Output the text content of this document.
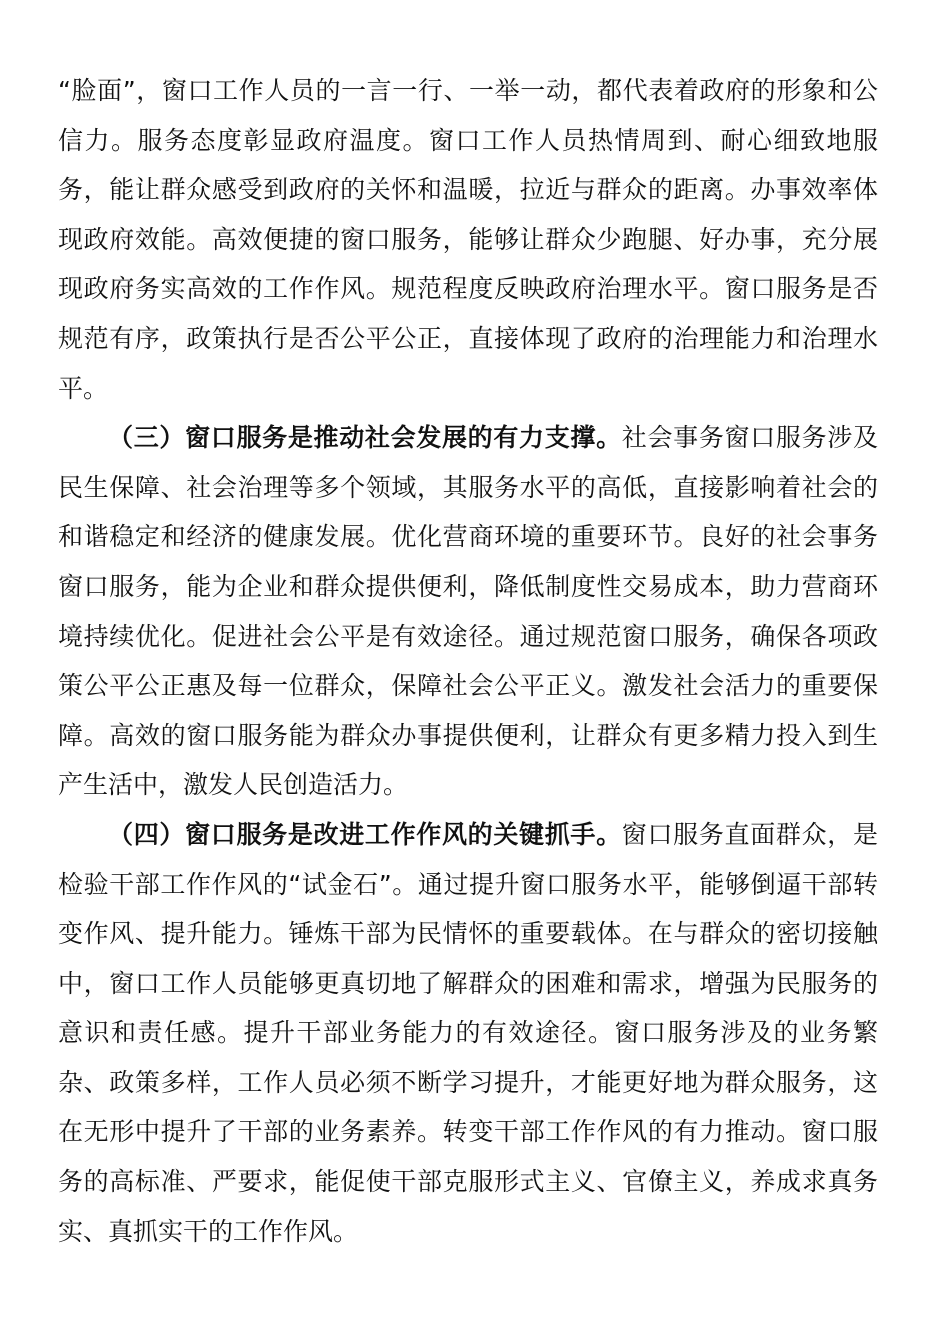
“脸面”，窗口工作人员的一言一行、一举一动，都代表着政府的形象和公信力。服务态度彰显政府温度。窗口工作人员热情周到、耐心细致地服务，能让群众感受到政府的关怀和温暖，拉近与群众的距离。办事效率体现政府效能。高效便捷的窗口服务，能够让群众少跑腿、好办事，充分展现政府务实高效的工作作风。规范程度反映政府治理水平。窗口服务是否规范有序，政策执行是否公平公正，直接体现了政府的治理能力和治理水平。

（三）窗口服务是推动社会发展的有力支撑。社会事务窗口服务涉及民生保障、社会治理等多个领域，其服务水平的高低，直接影响着社会的和谐稳定和经济的健康发展。优化营商环境的重要环节。良好的社会事务窗口服务，能为企业和群众提供便利，降低制度性交易成本，助力营商环境持续优化。促进社会公平是有效途径。通过规范窗口服务，确保各项政策公平公正惠及每一位群众，保障社会公平正义。激发社会活力的重要保障。高效的窗口服务能为群众办事提供便利，让群众有更多精力投入到生产生活中，激发人民创造活力。

（四）窗口服务是改进工作作风的关键抓手。窗口服务直面群众，是检验干部工作作风的“试金石”。通过提升窗口服务水平，能够倒逼干部转变作风、提升能力。锤炼干部为民情怀的重要载体。在与群众的密切接触中，窗口工作人员能够更真切地了解群众的困难和需求，增强为民服务的意识和责任感。提升干部业务能力的有效途径。窗口服务涉及的业务繁杂、政策多样，工作人员必须不断学习提升，才能更好地为群众服务，这在无形中提升了干部的业务素养。转变干部工作作风的有力推动。窗口服务的高标准、严要求，能促使干部克服形式主义、官僚主义，养成求真务实、真抓实干的工作作风。
